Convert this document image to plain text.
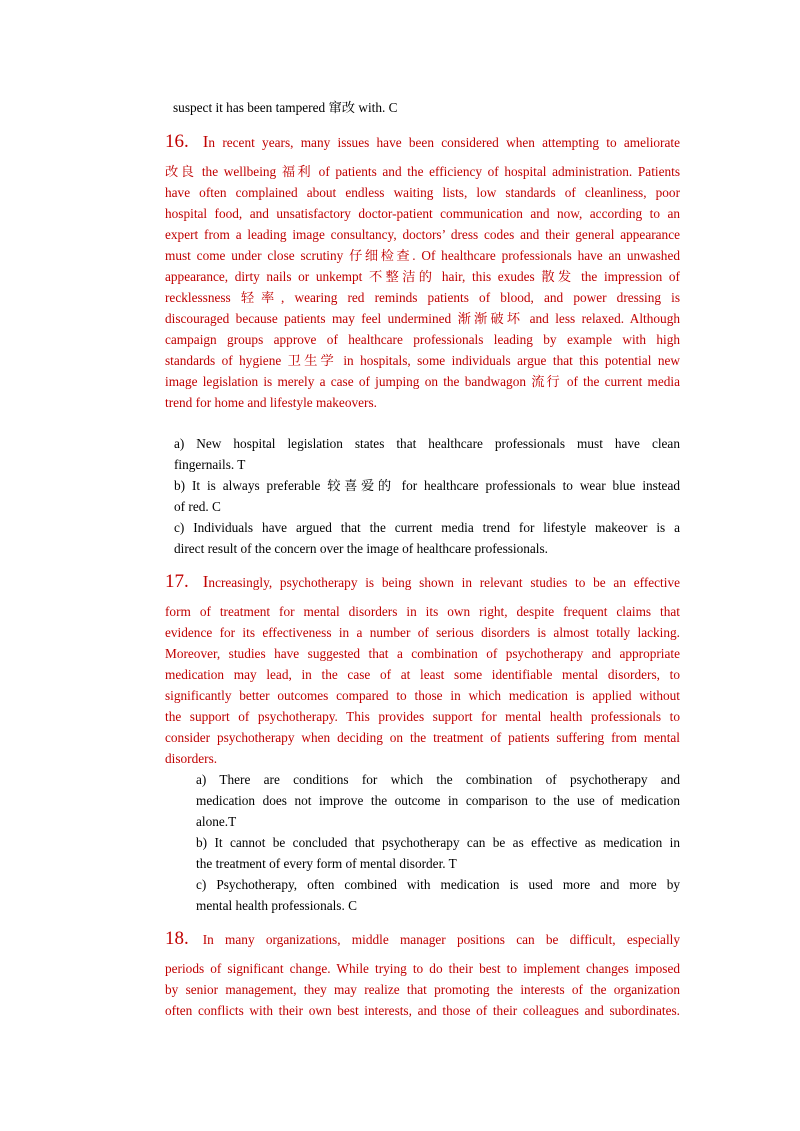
suspect it has been tampered 窜改 with. C
16. In recent years, many issues have been considered when attempting to ameliorate
改良 the wellbeing 福利 of patients and the efficiency of hospital administration. Patients
have often complained about endless waiting lists, low standards of cleanliness, poor
hospital food, and unsatisfactory doctor-patient communication and now, according to an
expert from a leading image consultancy, doctors’ dress codes and their general appearance
must come under close scrutiny 仔细检查. Of healthcare professionals have an unwashed
appearance, dirty nails or unkempt 不整洁的 hair, this exudes 散发 the impression of
recklessness 轻率, wearing red reminds patients of blood, and power dressing is
discouraged because patients may feel undermined 渐渐破坏 and less relaxed. Although
campaign groups approve of healthcare professionals leading by example with high
standards of hygiene 卫生学 in hospitals, some individuals argue that this potential new
image legislation is merely a case of jumping on the bandwagon 流行 of the current media
trend for home and lifestyle makeovers.
a) New hospital legislation states that healthcare professionals must have clean
fingernails. T
b) It is always preferable 较喜爱的 for healthcare professionals to wear blue instead
of red. C
c) Individuals have argued that the current media trend for lifestyle makeover is a
direct result of the concern over the image of healthcare professionals.
17. Increasingly, psychotherapy is being shown in relevant studies to be an effective
form of treatment for mental disorders in its own right, despite frequent claims that
evidence for its effectiveness in a number of serious disorders is almost totally lacking.
Moreover, studies have suggested that a combination of psychotherapy and appropriate
medication may lead, in the case of at least some identifiable mental disorders, to
significantly better outcomes compared to those in which medication is applied without
the support of psychotherapy. This provides support for mental health professionals to
consider psychotherapy when deciding on the treatment of patients suffering from mental
disorders.
a) There are conditions for which the combination of psychotherapy and
medication does not improve the outcome in comparison to the use of medication
alone.T
b) It cannot be concluded that psychotherapy can be as effective as medication in
the treatment of every form of mental disorder. T
c) Psychotherapy, often combined with medication is used more and more by
mental health professionals. C
18. In many organizations, middle manager positions can be difficult, especially
periods of significant change. While trying to do their best to implement changes imposed
by senior management, they may realize that promoting the interests of the organization
often conflicts with their own best interests, and those of their colleagues and subordinates.
